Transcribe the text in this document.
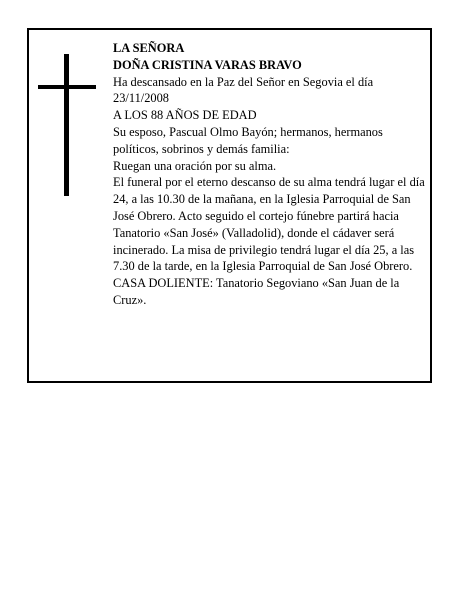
LA SEÑORA

DOÑA CRISTINA VARAS BRAVO

Ha descansado en la Paz del Señor en Segovia el día 23/11/2008

A LOS 88 AÑOS DE EDAD

Su esposo, Pascual Olmo Bayón; hermanos, hermanos políticos, sobrinos y demás familia:

Ruegan una oración por su alma.

El funeral por el eterno descanso de su alma tendrá lugar el día 24, a las 10.30 de la mañana, en la Iglesia Parroquial de San José Obrero. Acto seguido el cortejo fúnebre partirá hacia Tanatorio «San José» (Valladolid), donde el cádaver será incinerado. La misa de privilegio tendrá lugar el día 25, a las 7.30 de la tarde, en la Iglesia Parroquial de San José Obrero.

CASA DOLIENTE: Tanatorio Segoviano «San Juan de la Cruz».
